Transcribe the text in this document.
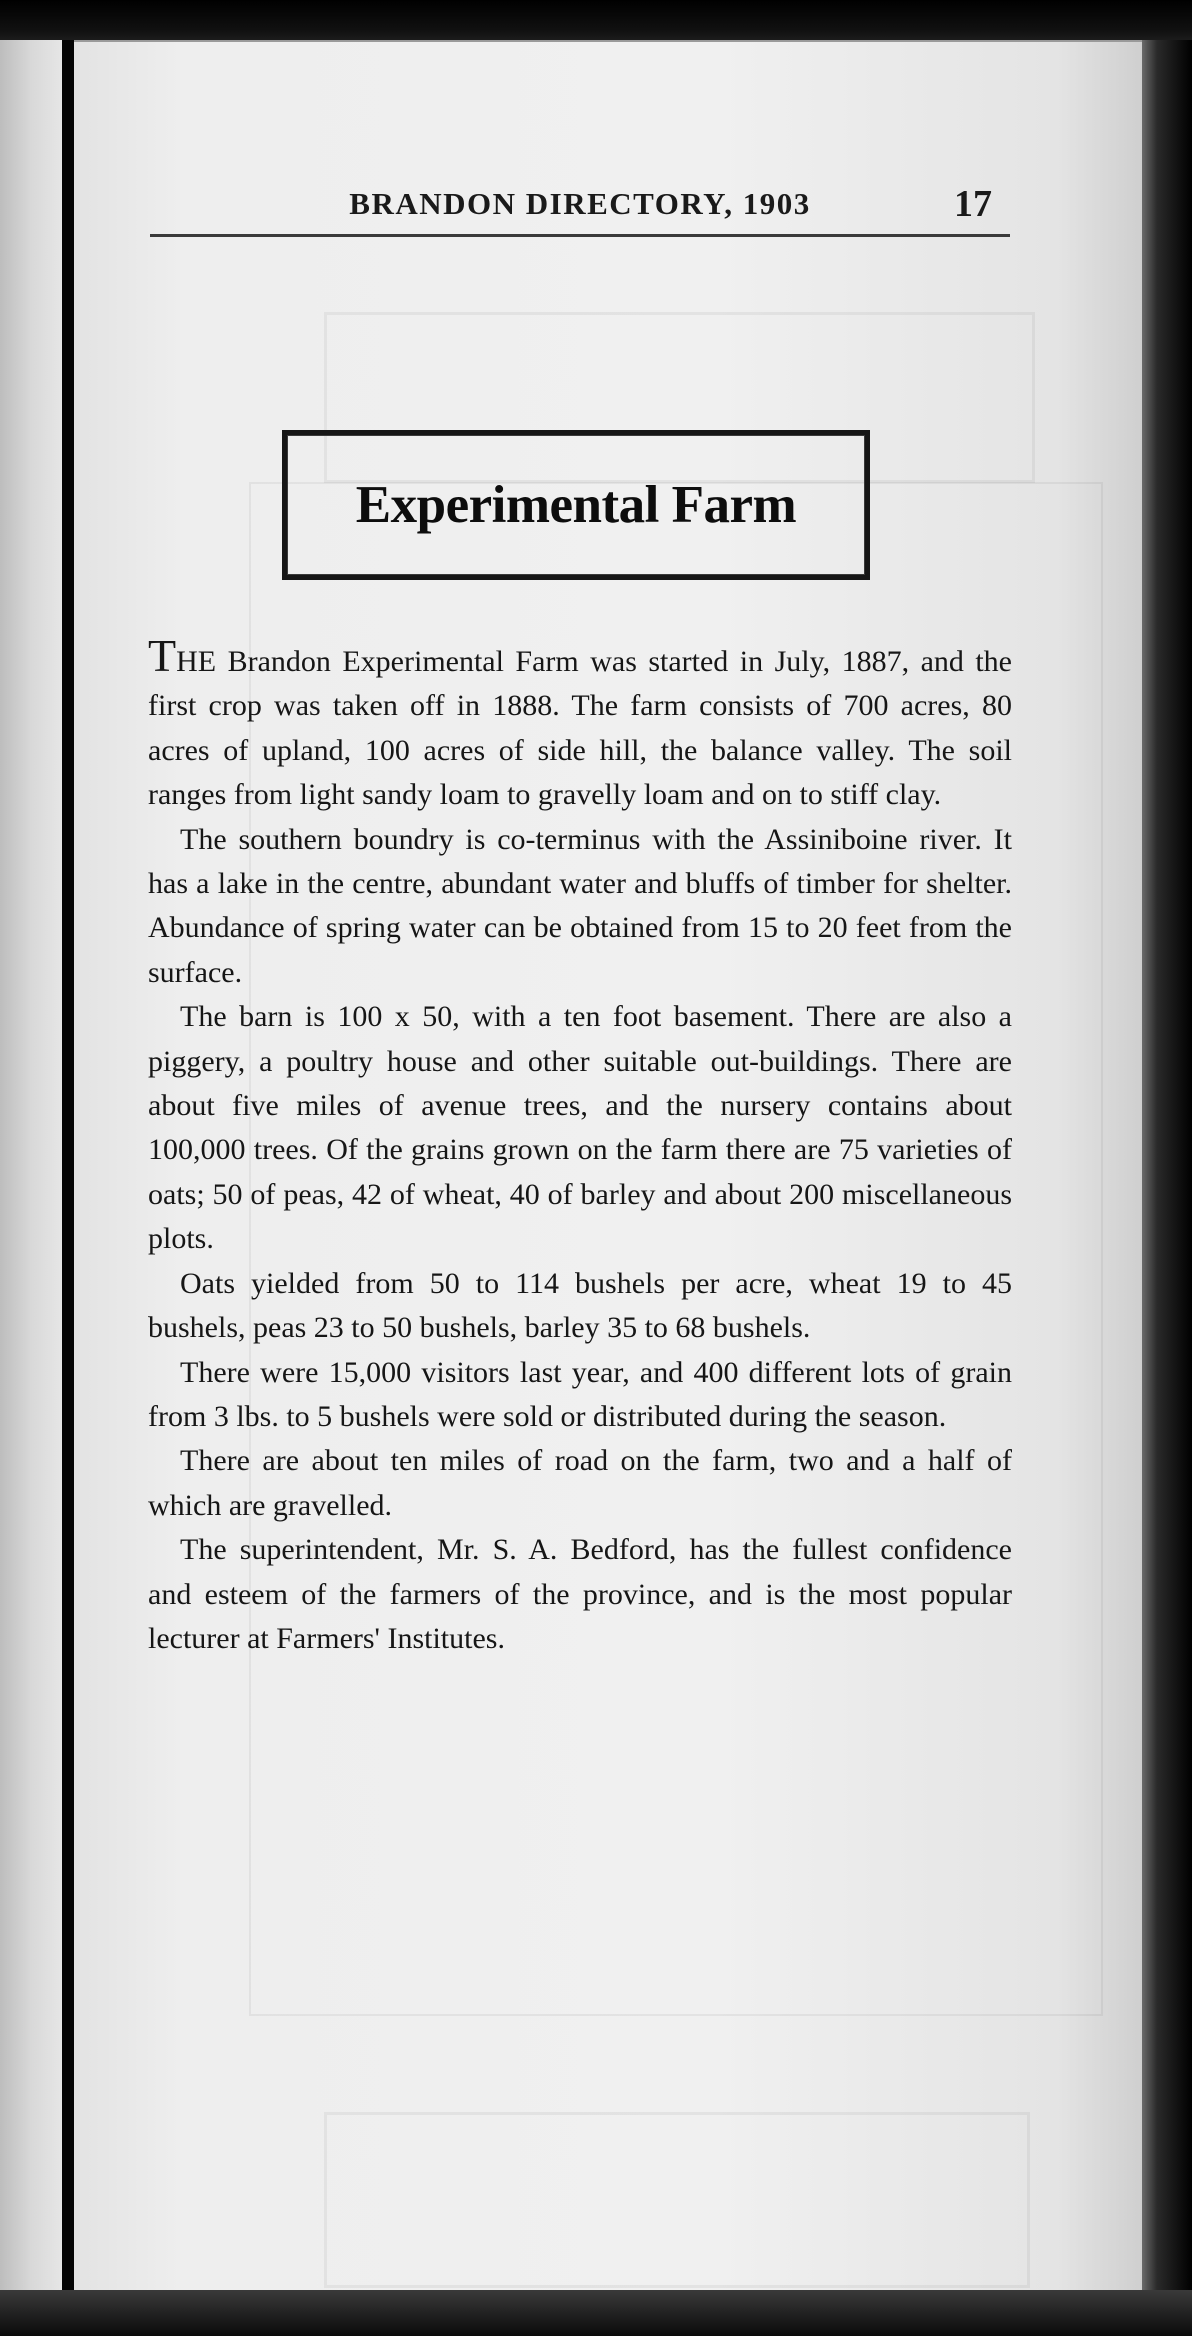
BRANDON DIRECTORY, 1903	17
Experimental Farm

THE Brandon Experimental Farm was started in July, 1887, and the first crop was taken off in 1888. The farm consists of 700 acres, 80 acres of upland, 100 acres of side hill, the balance valley. The soil ranges from light sandy loam to gravelly loam and on to stiff clay.

The southern boundry is co-terminus with the Assiniboine river. It has a lake in the centre, abundant water and bluffs of timber for shelter. Abundance of spring water can be obtained from 15 to 20 feet from the surface.

The barn is 100 x 50, with a ten foot basement. There are also a piggery, a poultry house and other suitable out-buildings. There are about five miles of avenue trees, and the nursery contains about 100,000 trees. Of the grains grown on the farm there are 75 varieties of oats; 50 of peas, 42 of wheat, 40 of barley and about 200 miscellaneous plots.

Oats yielded from 50 to 114 bushels per acre, wheat 19 to 45 bushels, peas 23 to 50 bushels, barley 35 to 68 bushels.

There were 15,000 visitors last year, and 400 different lots of grain from 3 lbs. to 5 bushels were sold or distributed during the season.

There are about ten miles of road on the farm, two and a half of which are gravelled.

The superintendent, Mr. S. A. Bedford, has the fullest confidence and esteem of the farmers of the province, and is the most popular lecturer at Farmers' Institutes.
